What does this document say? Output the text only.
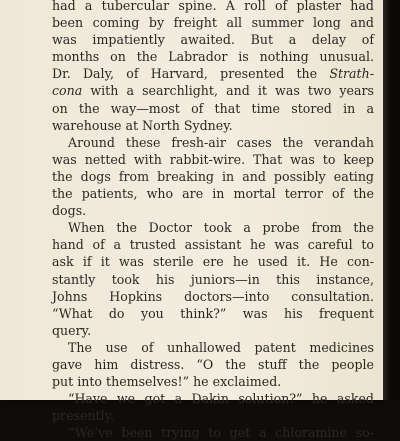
had a tubercular spine. A roll of plaster had
been coming by freight all summer long and
was impatiently awaited. But a delay of
months on the Labrador is nothing unusual.
Dr. Daly, of Harvard, presented the Strath-
cona with a searchlight, and it was two years
on the way—most of that time stored in a
warehouse at North Sydney.
Around these fresh-air cases the verandah
was netted with rabbit-wire. That was to keep
the dogs from breaking in and possibly eating
the patients, who are in mortal terror of the
dogs.
When the Doctor took a probe from the
hand of a trusted assistant he was careful to
ask if it was sterile ere he used it. He con-
stantly took his juniors—in this instance,
Johns Hopkins doctors—into consultation.
“What do you think?” was his frequent
query.
The use of unhallowed patent medicines
gave him distress. “O the stuff the people
put into themselves!” he exclaimed.
“Have we got a Dakin solution?” he asked
presently.
“We’ve been trying to get a chloramine so-
